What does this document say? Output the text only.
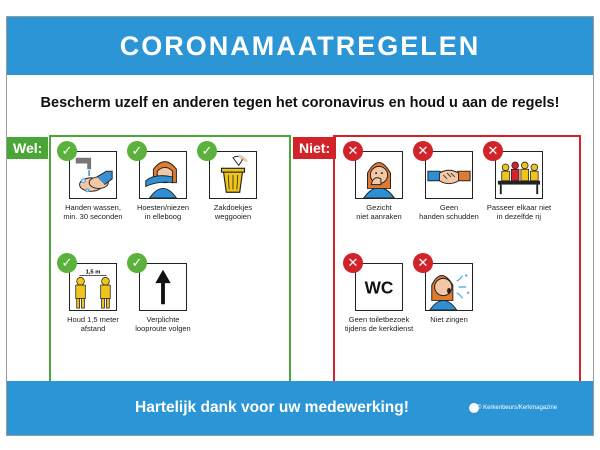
CORONAMAATREGELEN
Bescherm uzelf en anderen tegen het coronavirus en houd u aan de regels!
Wel:	Niet:
✓
Handen wassen,
min. 30 seconden
✓
Hoesten/niezen
in elleboog
✓
Zakdoekjes
weggooien
1,5 m
✓
Houd 1,5 meter
afstand
✓
Verplichte
looproute volgen
✕
Gezicht
niet aanraken
✕
Geen
handen schudden
✕
Passeer elkaar niet
in dezelfde rij
WC
✕
Geen toiletbezoek
tijdens de kerkdienst
✕
Niet zingen
Hartelijk dank voor uw medewerking!	© Kerkenbeurs/Kerkmagazine
